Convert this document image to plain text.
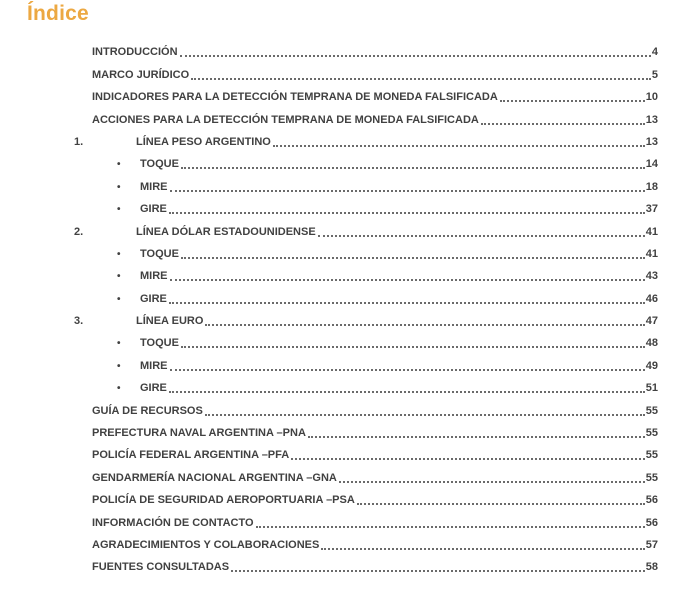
Índice
INTRODUCCIÓN	4
MARCO JURÍDICO	5
INDICADORES PARA LA DETECCIÓN TEMPRANA DE MONEDA FALSIFICADA	10
ACCIONES PARA LA DETECCIÓN TEMPRANA DE MONEDA FALSIFICADA	13
1.	LÍNEA PESO ARGENTINO	13
•	TOQUE	14
•	MIRE	18
•	GIRE	37
2.	LÍNEA DÓLAR ESTADOUNIDENSE	41
•	TOQUE	41
•	MIRE	43
•	GIRE	46
3.	LÍNEA EURO	47
•	TOQUE	48
•	MIRE	49
•	GIRE	51
GUÍA DE RECURSOS	55
PREFECTURA NAVAL ARGENTINA –PNA	55
POLICÍA FEDERAL ARGENTINA –PFA	55
GENDARMERÍA NACIONAL ARGENTINA –GNA	55
POLICÍA DE SEGURIDAD AEROPORTUARIA –PSA	56
INFORMACIÓN DE CONTACTO	56
AGRADECIMIENTOS Y COLABORACIONES	57
FUENTES CONSULTADAS	58
